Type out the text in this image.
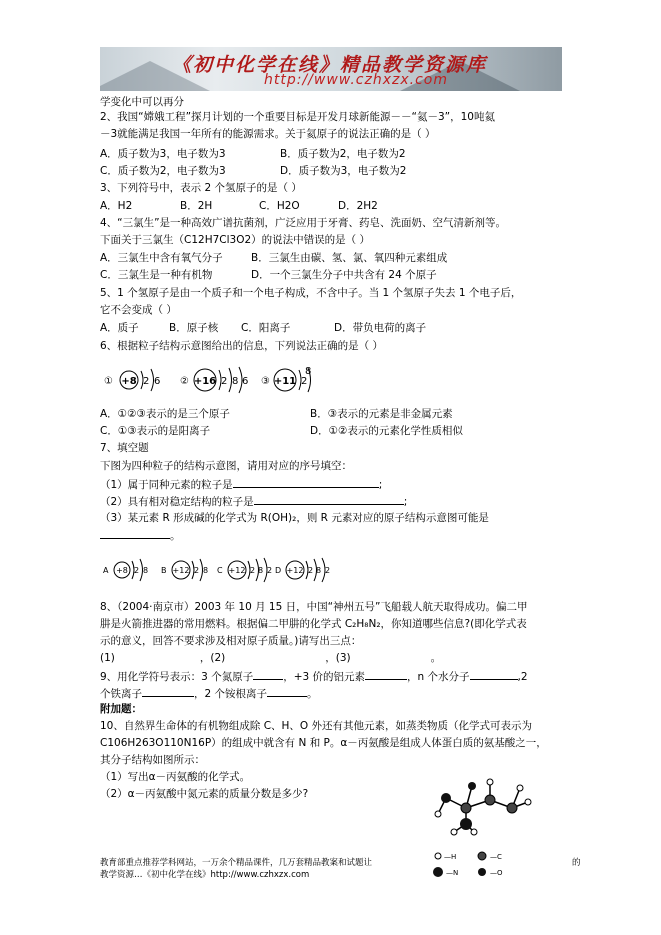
《初中化学在线》精品教学资源库
http://www.czhxzx.com
学变化中可以再分
2、我国“嫦娥工程”探月计划的一个重要目标是开发月球新能源－－“氦－3”，10吨氦
－3就能满足我国一年所有的能源需求。关于氦原子的说法正确的是（ ）
A．质子数为3，电子数为3	B．质子数为2，电子数为2
C．质子数为2，电子数为3	D．质子数为3，电子数为2
3、下列符号中，表示 2 个氢原子的是（ ）
A．H2	B．2H	C．H2O	D．2H2
4、“三氯生”是一种高效广谱抗菌剂，广泛应用于牙膏、药皂、洗面奶、空气清新剂等。
下面关于三氯生（C12H7Cl3O2）的说法中错误的是（ ）
A．三氯生中含有氧气分子	B．三氯生由碳、氢、氯、氧四种元素组成
C．三氯生是一种有机物	D．一个三氯生分子中共含有 24 个原子
5、1 个氢原子是由一个质子和一个电子构成，不含中子。当 1 个氢原子失去 1 个电子后，
它不会变成（ ）
A．质子	B．原子核 C．阳离子	D．带负电荷的离子
6、根据粒子结构示意图给出的信息，下列说法正确的是（ ）
① +8 2 6 ② +16 2 8 6 ③ +11 2
8
A．①②③表示的是三个原子	B．③表示的元素是非金属元素
C．①③表示的是阳离子	D．①②表示的元素化学性质相似
7、填空题
下图为四种粒子的结构示意图，请用对应的序号填空：
（1）属于同种元素的粒子是	;
（2）具有相对稳定结构的粒子是	;
（3）某元素 R 形成碱的化学式为 R(OH)₂，则 R 元素对应的原子结构示意图可能是
。
A +8 2 8 B +12 2 8 C +12 2 8 2 D +12 2 8 2
8、（2004·南京市）2003 年 10 月 15 日，中国“神州五号”飞船载人航天取得成功。偏二甲
肼是火箭推进器的常用燃料。根据偏二甲肼的化学式 C₂H₈N₂，你知道哪些信息?(即化学式表
示的意义，回答不要求涉及相对原子质量。)请写出三点：
(1)	，(2)	，(3)	。
9、用化学符号表示：3 个氮原子	，+3 价的铝元素	，n 个水分子	,2
个铁离子	，2 个铵根离子	。
附加题：
10、自然界生命体的有机物组成除 C、H、O 外还有其他元素，如蒸类物质（化学式可表示为
C106H263O110N16P）的组成中就含有 N 和 P。α－丙氨酸是组成人体蛋白质的氨基酸之一，
其分子结构如图所示：
（1）写出α－丙氨酸的化学式。
（2）α－丙氨酸中氮元素的质量分数是多少?
—H	—C
—N	—O
教育部重点推荐学科网站，一万余个精品课件，几万套精品教案和试题让	的
教学资源…《初中化学在线》http://www.czhxzx.com
